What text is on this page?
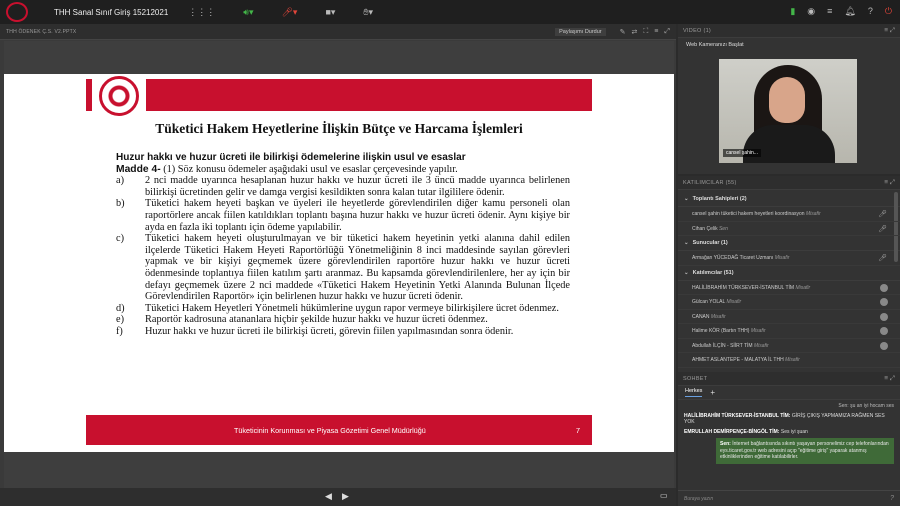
THH Sanal Sınıf Giriş 15212021 ⋮⋮⋮	🔊︎▾	🎤︎▾	■▾	✋︎▾	▮ ◉ ≡ 🔔︎ ? ⏻
THH ÖDENEK Ç.S. V2.PPTX	Paylaşımı Durdur	✎ ⇄ ⛶ ≡ ⤢
Tüketici Hakem Heyetlerine İlişkin Bütçe ve Harcama İşlemleri
Huzur hakkı ve huzur ücreti ile bilirkişi ödemelerine ilişkin usul ve esaslar
Madde 4- (1) Söz konusu ödemeler aşağıdaki usul ve esaslar çerçevesinde yapılır.
a)	2 nci madde uyarınca hesaplanan huzur hakkı ve huzur ücreti ile 3 üncü madde uyarınca belirlenen bilirkişi ücretinden gelir ve damga vergisi kesildikten sonra kalan tutar ilgililere ödenir.
b)	Tüketici hakem heyeti başkan ve üyeleri ile heyetlerde görevlendirilen diğer kamu personeli olan raportörlere ancak fiilen katıldıkları toplantı başına huzur hakkı ve huzur ücreti ödenir. Aynı kişiye bir ayda en fazla iki toplantı için ödeme yapılabilir.
c)	Tüketici hakem heyeti oluşturulmayan ve bir tüketici hakem heyetinin yetki alanına dahil edilen ilçelerde Tüketici Hakem Heyeti Raportörlüğü Yönetmeliğinin 8 inci maddesinde sayılan görevleri yapmak ve bir kişiyi geçmemek üzere görevlendirilen raportöre huzur hakkı ve huzur ücreti ödenmesinde toplantıya fiilen katılım şartı aranmaz. Bu kapsamda görevlendirilenlere, her ay için bir defayı geçmemek üzere 2 nci maddede «Tüketici Hakem Heyetinin Yetki Alanında Bulunan İlçede Görevlendirilen Raportör» için belirlenen huzur hakkı ve huzur ücreti ödenir.
d)	Tüketici Hakem Heyetleri Yönetmeli hükümlerine uygun rapor vermeye bilirkişilere ücret ödenmez.
e)	Raportör kadrosuna atananlara hiçbir şekilde huzur hakkı ve huzur ücreti ödenmez.
f)	Huzur hakkı ve huzur ücreti ile bilirkişi ücreti, görevin fiilen yapılmasından sonra ödenir.
Tüketicinin Korunması ve Piyasa Gözetimi Genel Müdürlüğü	7
◀︎ ▶︎	▭
VIDEO (1)	≡ ⤢
Web Kameranızı Başlat
cansel şahin...
KATILIMCILAR (55)	≡ ⤢
⌄ Toplantı Sahipleri (2)
cansel şahin tüketici hakem heyetleri koordinasyon Misafir	🎤︎
Cihan Çelik Sen	🎤︎
⌄ Sunucular (1)
Armağan YÜCEDAĞ Ticaret Uzmanı Misafir	🎤︎
⌄ Katılımcılar (51)
HALİLİBRAHİM TÜRKSEVER-İSTANBUL TİM Misafir
Gülcan YOLAL Misafir
CANAN Misafir
Halime KÖR (Bartın THH) Misafir
Abdullah İLÇİN - SİİRT TİM Misafir
AHMET ASLANTEPE - MALATYA İL THH Misafir
SOHBET	≡ ⤢
Herkes +
Sen: şu an iyi hocam ses
HALİLİBRAHİM TÜRKSEVER-İSTANBUL TİM: GİRİŞ ÇIKIŞ YAPMAMIZA RAĞMEN SES YOK
EMRULLAH DEMİRPENÇE-BİNGÖL TİM: Ses iyi şuan
Sen: İnternet bağlantısında sıkıntı yaşayan personelimiz cep telefonlarından eys.ticaret.gov.tr web adresini açıp "eğitime giriş" yaparak atanmış etkinliklerinden eğitime katılabilirler.
Buraya yazın	?
